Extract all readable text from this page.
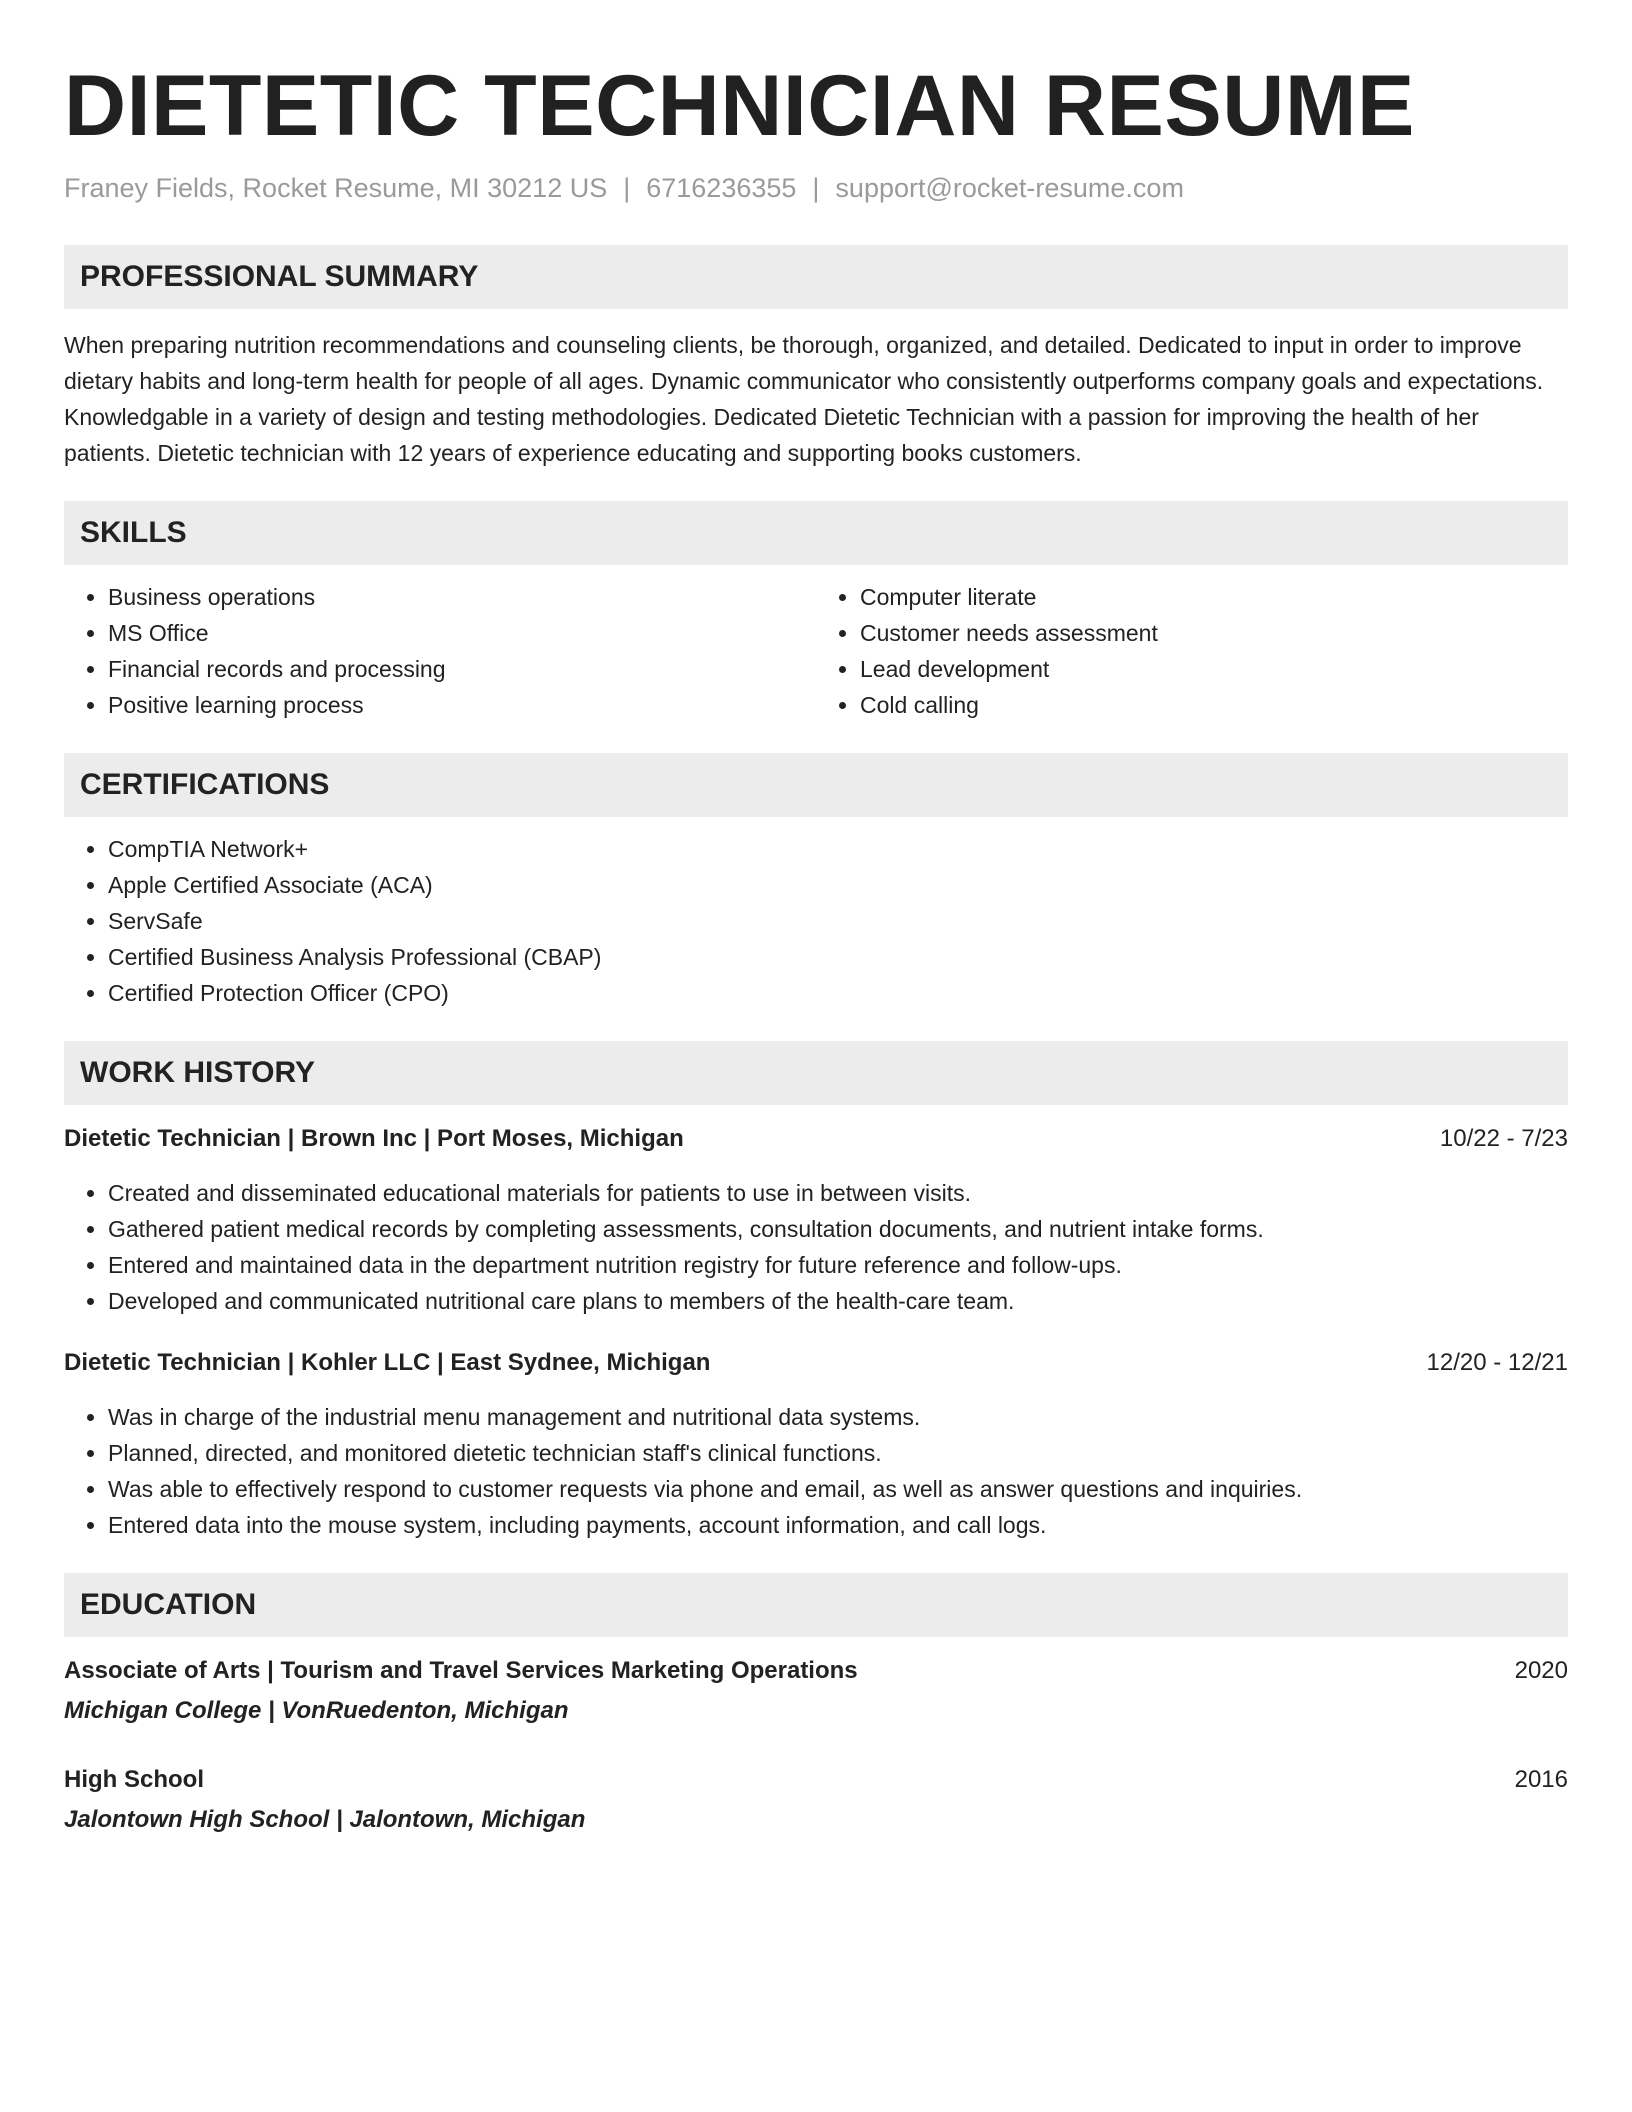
DIETETIC TECHNICIAN RESUME
Franey Fields, Rocket Resume, MI 30212 US | 6716236355 | support@rocket-resume.com
PROFESSIONAL SUMMARY

When preparing nutrition recommendations and counseling clients, be thorough, organized, and detailed. Dedicated to input in order to improve dietary habits and long-term health for people of all ages. Dynamic communicator who consistently outperforms company goals and expectations. Knowledgable in a variety of design and testing methodologies. Dedicated Dietetic Technician with a passion for improving the health of her patients. Dietetic technician with 12 years of experience educating and supporting books customers.

SKILLS
• Business operations
• MS Office
• Financial records and processing
• Positive learning process
• Computer literate
• Customer needs assessment
• Lead development
• Cold calling
CERTIFICATIONS
• CompTIA Network+
• Apple Certified Associate (ACA)
• ServSafe
• Certified Business Analysis Professional (CBAP)
• Certified Protection Officer (CPO)
WORK HISTORY
Dietetic Technician | Brown Inc | Port Moses, Michigan	10/22 - 7/23
• Created and disseminated educational materials for patients to use in between visits.
• Gathered patient medical records by completing assessments, consultation documents, and nutrient intake forms.
• Entered and maintained data in the department nutrition registry for future reference and follow-ups.
• Developed and communicated nutritional care plans to members of the health-care team.
Dietetic Technician | Kohler LLC | East Sydnee, Michigan	12/20 - 12/21
• Was in charge of the industrial menu management and nutritional data systems.
• Planned, directed, and monitored dietetic technician staff's clinical functions.
• Was able to effectively respond to customer requests via phone and email, as well as answer questions and inquiries.
• Entered data into the mouse system, including payments, account information, and call logs.
EDUCATION
Associate of Arts | Tourism and Travel Services Marketing Operations	2020
Michigan College | VonRuedenton, Michigan
High School	2016
Jalontown High School | Jalontown, Michigan
